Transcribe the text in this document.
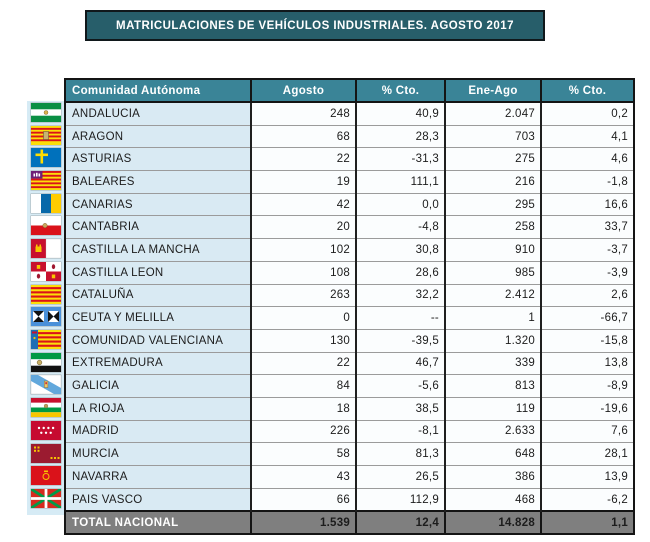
MATRICULACIONES DE VEHÍCULOS INDUSTRIALES. AGOSTO 2017
Comunidad Autónoma	Agosto	% Cto.	Ene-Ago	% Cto.
ANDALUCIA	248	40,9	2.047	0,2
ARAGON	68	28,3	703	4,1
ASTURIAS	22	-31,3	275	4,6
BALEARES	19	111,1	216	-1,8
CANARIAS	42	0,0	295	16,6
CANTABRIA	20	-4,8	258	33,7
CASTILLA LA MANCHA	102	30,8	910	-3,7
CASTILLA LEON	108	28,6	985	-3,9
CATALUÑA	263	32,2	2.412	2,6
CEUTA Y MELILLA	0	--	1	-66,7
COMUNIDAD VALENCIANA	130	-39,5	1.320	-15,8
EXTREMADURA	22	46,7	339	13,8
GALICIA	84	-5,6	813	-8,9
LA RIOJA	18	38,5	119	-19,6
MADRID	226	-8,1	2.633	7,6
MURCIA	58	81,3	648	28,1
NAVARRA	43	26,5	386	13,9
PAIS VASCO	66	112,9	468	-6,2
TOTAL NACIONAL	1.539	12,4	14.828	1,1
